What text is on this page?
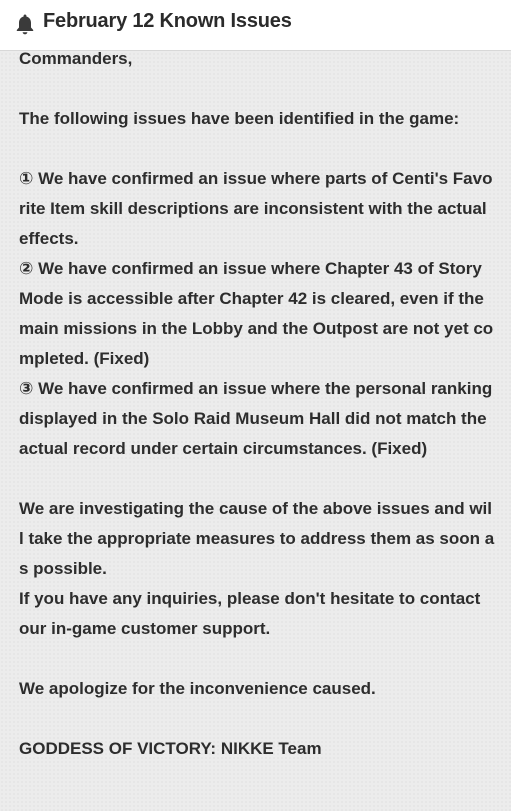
February 12 Known Issues
Commanders,
The following issues have been identified in the game:
① We have confirmed an issue where parts of Centi's Favorite Item skill descriptions are inconsistent with the actual effects.
② We have confirmed an issue where Chapter 43 of Story Mode is accessible after Chapter 42 is cleared, even if the main missions in the Lobby and the Outpost are not yet completed. (Fixed)
③ We have confirmed an issue where the personal ranking displayed in the Solo Raid Museum Hall did not match the actual record under certain circumstances. (Fixed)
We are investigating the cause of the above issues and will take the appropriate measures to address them as soon as possible.
If you have any inquiries, please don't hesitate to contact our in-game customer support.
We apologize for the inconvenience caused.
GODDESS OF VICTORY: NIKKE Team
